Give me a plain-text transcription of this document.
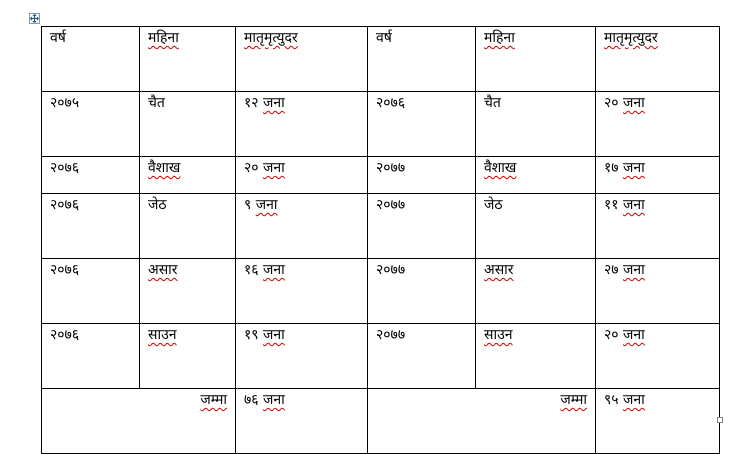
वर्ष	महिना	मातृमृत्युदर	वर्ष	महिना	मातृमृत्युदर
२०७५	चैत	१२ जना	२०७६	चैत	२० जना
२०७६	वैशाख	२० जना	२०७७	वैशाख	१७ जना
२०७६	जेठ	९ जना	२०७७	जेठ	११ जना
२०७६	असार	१६ जना	२०७७	असार	२७ जना
२०७६	साउन	१९ जना	२०७७	साउन	२० जना
जम्मा		७६ जना	जम्मा		९५ जना
